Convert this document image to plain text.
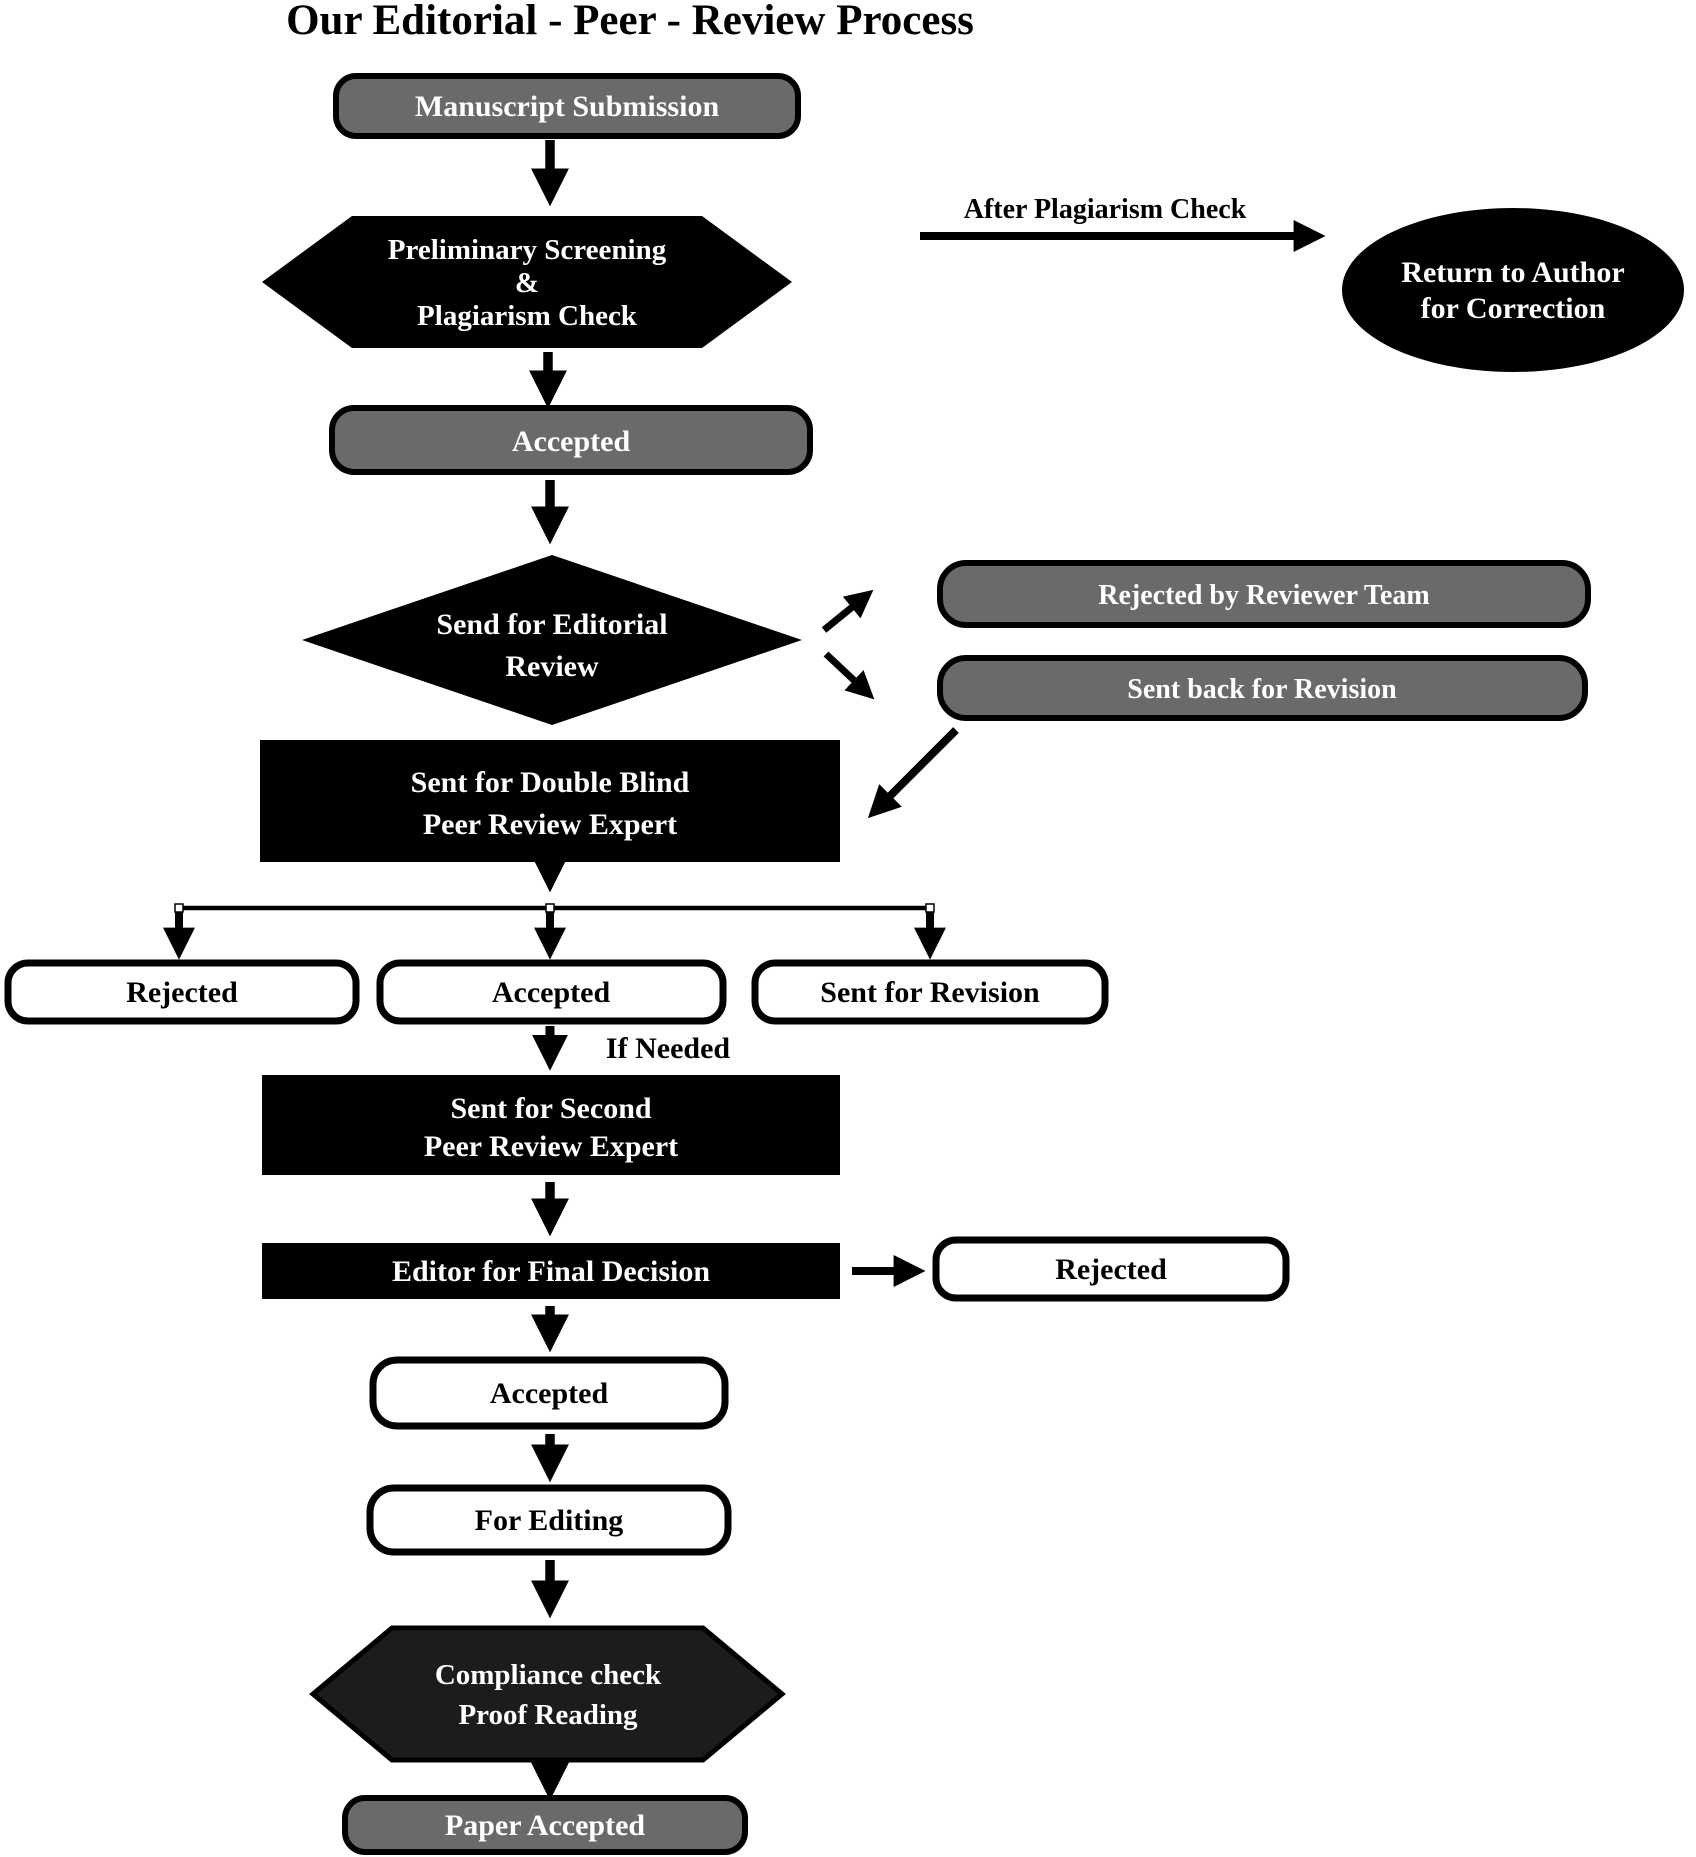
Our Editorial - Peer - Review Process
Manuscript Submission
Preliminary Screening
&
Plagiarism Check
After Plagiarism Check
Return to Author
for Correction
Accepted
Send for Editorial
Review
Rejected by Reviewer Team
Sent back for Revision
Sent for Double Blind
Peer Review Expert
Rejected	Accepted	Sent for Revision
If Needed
Sent for Second
Peer Review Expert
Editor for Final Decision	Rejected
Accepted
For Editing
Compliance check
Proof Reading
Paper Accepted
